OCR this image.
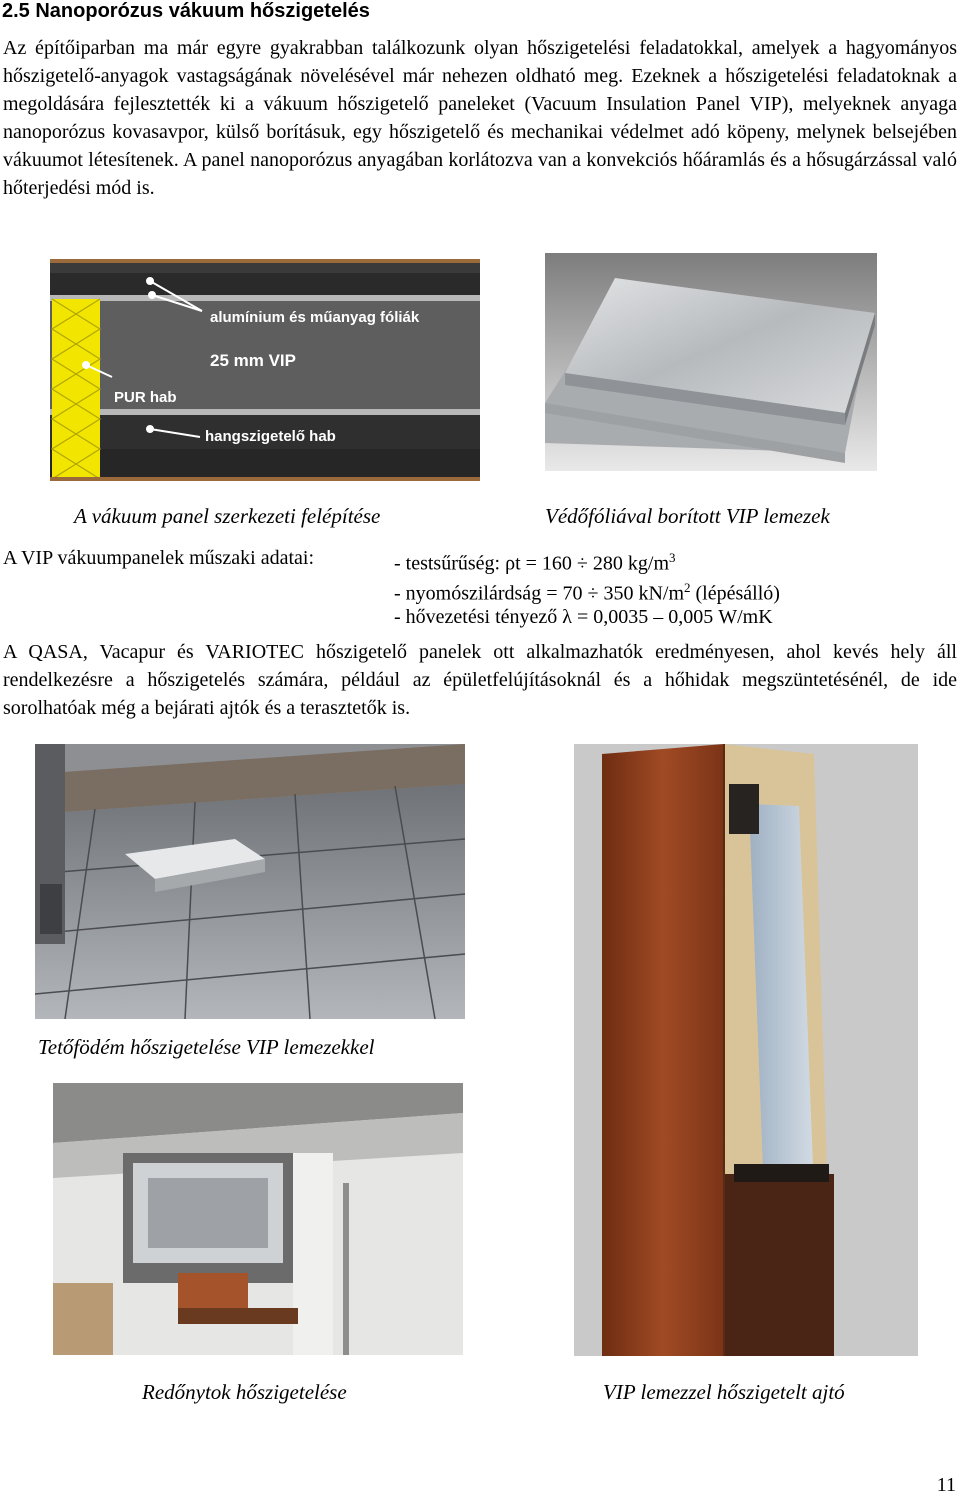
2.5 Nanoporózus vákuum hőszigetelés
Az építőiparban ma már egyre gyakrabban találkozunk olyan hőszigetelési feladatokkal, amelyek a hagyományos hőszigetelő-anyagok vastagságának növelésével már nehezen oldható meg. Ezeknek a hőszigetelési feladatoknak a megoldására fejlesztették ki a vákuum hőszigetelő paneleket (Vacuum Insulation Panel VIP), melyeknek anyaga nanoporózus kovasavpor, külső borításuk, egy hőszigetelő és mechanikai védelmet adó köpeny, melynek belsejében vákuumot létesítenek. A panel nanoporózus anyagában korlátozva van a konvekciós hőáramlás és a hősugárzással való hőterjedési mód is.
alumínium és műanyag fóliák
25 mm VIP
PUR hab
hangszigetelő hab
A vákuum panel szerkezeti felépítése	Védőfóliával borított VIP lemezek
A VIP vákuumpanelek műszaki adatai:	- testsűrűség: ρt = 160 ÷ 280 $kg/m^3$
- nyomószilárdság = 70 ÷ 350 $kN/m^2$ (lépésálló)
- hővezetési tényező λ = 0,0035 – 0,005 W/mK
A QASA, Vacapur és VARIOTEC hőszigetelő panelek ott alkalmazhatók eredményesen, ahol kevés hely áll rendelkezésre a hőszigetelés számára, például az épületfelújításoknál és a hőhidak megszüntetésénél, de ide sorolhatóak még a bejárati ajtók és a terasztetők is.
Tetőfödém hőszigetelése VIP lemezekkel
Redőnytok hőszigetelése	VIP lemezzel hőszigetelt ajtó
11
